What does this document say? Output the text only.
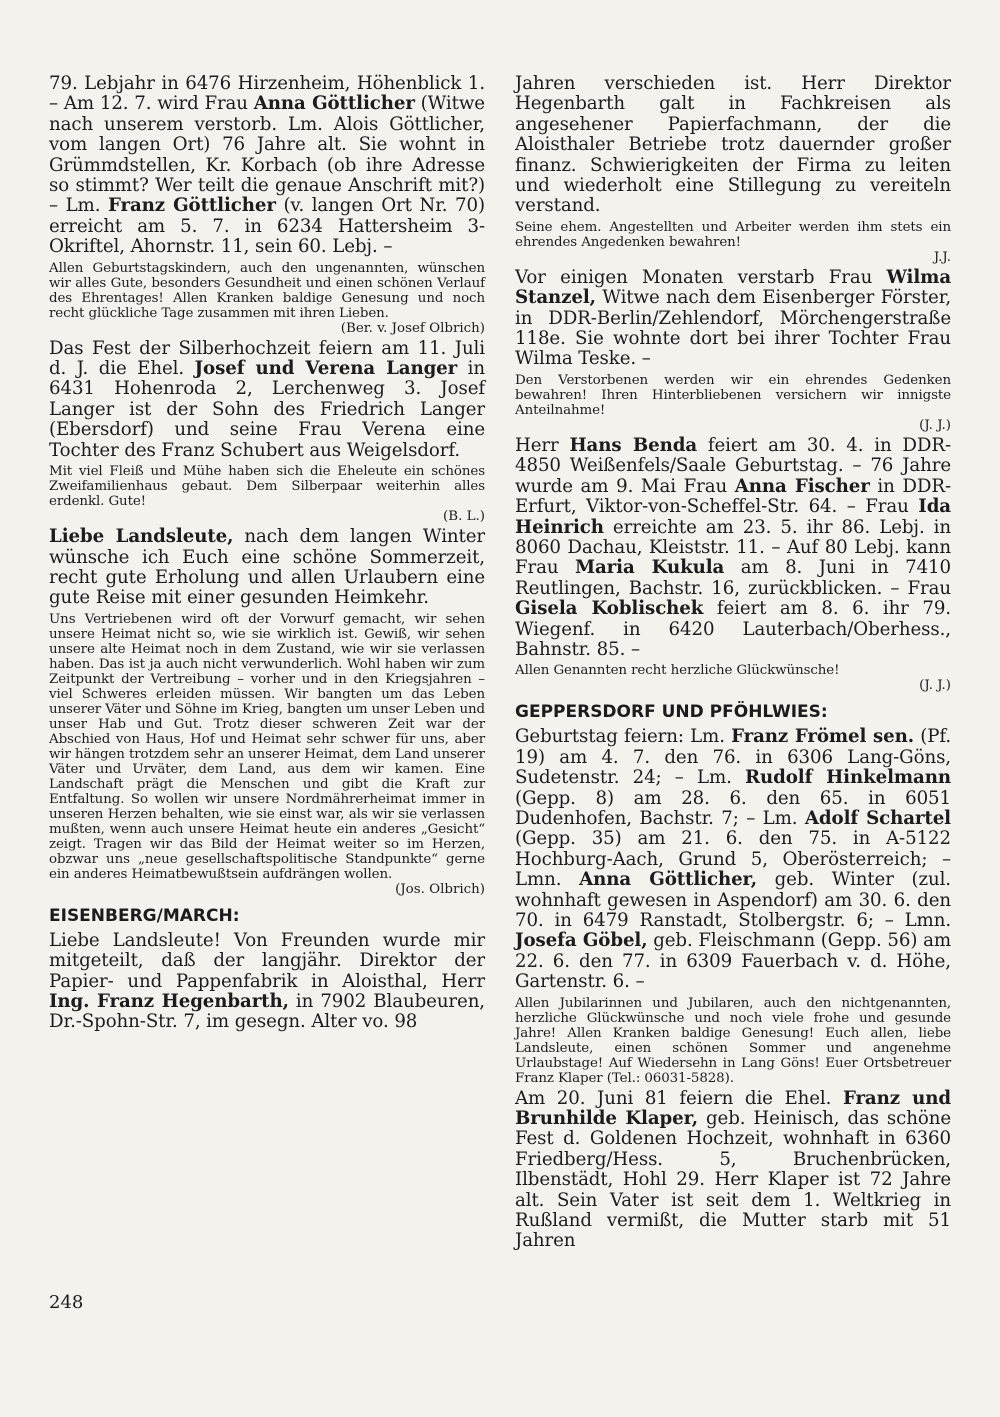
79. Lebjahr in 6476 Hirzenheim, Höhenblick 1. – Am 12. 7. wird Frau Anna Göttlicher (Witwe nach unserem verstorb. Lm. Alois Göttlicher, vom langen Ort) 76 Jahre alt. Sie wohnt in Grümmdstellen, Kr. Korbach (ob ihre Adresse so stimmt? Wer teilt die genaue Anschrift mit?) – Lm. Franz Göttlicher (v. langen Ort Nr. 70) erreicht am 5. 7. in 6234 Hattersheim 3-Okriftel, Ahornstr. 11, sein 60. Lebj. –

Allen Geburtstagskindern, auch den ungenannten, wünschen wir alles Gute, besonders Gesundheit und einen schönen Verlauf des Ehrentages! Allen Kranken baldige Genesung und noch recht glückliche Tage zusammen mit ihren Lieben.

(Ber. v. Josef Olbrich)

Das Fest der Silberhochzeit feiern am 11. Juli d. J. die Ehel. Josef und Verena Langer in 6431 Hohenroda 2, Lerchenweg 3. Josef Langer ist der Sohn des Friedrich Langer (Ebersdorf) und seine Frau Verena eine Tochter des Franz Schubert aus Weigelsdorf.

Mit viel Fleiß und Mühe haben sich die Eheleute ein schönes Zweifamilienhaus gebaut. Dem Silberpaar weiterhin alles erdenkl. Gute!

(B. L.)

Liebe Landsleute, nach dem langen Winter wünsche ich Euch eine schöne Sommerzeit, recht gute Erholung und allen Urlaubern eine gute Reise mit einer gesunden Heimkehr.

Uns Vertriebenen wird oft der Vorwurf gemacht, wir sehen unsere Heimat nicht so, wie sie wirklich ist. Gewiß, wir sehen unsere alte Heimat noch in dem Zustand, wie wir sie verlassen haben. Das ist ja auch nicht verwunderlich. Wohl haben wir zum Zeitpunkt der Vertreibung – vorher und in den Kriegsjahren – viel Schweres erleiden müssen. Wir bangten um das Leben unserer Väter und Söhne im Krieg, bangten um unser Leben und unser Hab und Gut. Trotz dieser schweren Zeit war der Abschied von Haus, Hof und Heimat sehr schwer für uns, aber wir hängen trotzdem sehr an unserer Heimat, dem Land unserer Väter und Urväter, dem Land, aus dem wir kamen. Eine Landschaft prägt die Menschen und gibt die Kraft zur Entfaltung. So wollen wir unsere Nordmährerheimat immer in unseren Herzen behalten, wie sie einst war, als wir sie verlassen mußten, wenn auch unsere Heimat heute ein anderes „Gesicht“ zeigt. Tragen wir das Bild der Heimat weiter so im Herzen, obzwar uns „neue gesellschaftspolitische Standpunkte“ gerne ein anderes Heimatbewußtsein aufdrängen wollen.

(Jos. Olbrich)

EISENBERG/MARCH:

Liebe Landsleute! Von Freunden wurde mir mitgeteilt, daß der langjähr. Direktor der Papier- und Pappenfabrik in Aloisthal, Herr Ing. Franz Hegenbarth, in 7902 Blaubeuren, Dr.-Spohn-Str. 7, im gesegn. Alter vo. 98

Jahren verschieden ist. Herr Direktor Hegenbarth galt in Fachkreisen als angesehener Papierfachmann, der die Aloisthaler Betriebe trotz dauernder großer finanz. Schwierigkeiten der Firma zu leiten und wiederholt eine Stillegung zu vereiteln verstand.

Seine ehem. Angestellten und Arbeiter werden ihm stets ein ehrendes Angedenken bewahren!

J.J.

Vor einigen Monaten verstarb Frau Wilma Stanzel, Witwe nach dem Eisenberger Förster, in DDR-Berlin/Zehlendorf, Mörchengerstraße 118e. Sie wohnte dort bei ihrer Tochter Frau Wilma Teske. –

Den Verstorbenen werden wir ein ehrendes Gedenken bewahren! Ihren Hinterbliebenen versichern wir innigste Anteilnahme!

(J. J.)

Herr Hans Benda feiert am 30. 4. in DDR-4850 Weißenfels/Saale Geburtstag. – 76 Jahre wurde am 9. Mai Frau Anna Fischer in DDR-Erfurt, Viktor-von-Scheffel-Str. 64. – Frau Ida Heinrich erreichte am 23. 5. ihr 86. Lebj. in 8060 Dachau, Kleiststr. 11. – Auf 80 Lebj. kann Frau Maria Kukula am 8. Juni in 7410 Reutlingen, Bachstr. 16, zurückblicken. – Frau Gisela Koblischek feiert am 8. 6. ihr 79. Wiegenf. in 6420 Lauterbach/Oberhess., Bahnstr. 85. –

Allen Genannten recht herzliche Glückwünsche!

(J. J.)

GEPPERSDORF UND PFÖHLWIES:

Geburtstag feiern: Lm. Franz Frömel sen. (Pf. 19) am 4. 7. den 76. in 6306 Lang-Göns, Sudetenstr. 24; – Lm. Rudolf Hinkelmann (Gepp. 8) am 28. 6. den 65. in 6051 Dudenhofen, Bachstr. 7; – Lm. Adolf Schartel (Gepp. 35) am 21. 6. den 75. in A-5122 Hochburg-Aach, Grund 5, Oberösterreich; – Lmn. Anna Göttlicher, geb. Winter (zul. wohnhaft gewesen in Aspendorf) am 30. 6. den 70. in 6479 Ranstadt, Stolbergstr. 6; – Lmn. Josefa Göbel, geb. Fleischmann (Gepp. 56) am 22. 6. den 77. in 6309 Fauerbach v. d. Höhe, Gartenstr. 6. –

Allen Jubilarinnen und Jubilaren, auch den nichtgenannten, herzliche Glückwünsche und noch viele frohe und gesunde Jahre! Allen Kranken baldige Genesung! Euch allen, liebe Landsleute, einen schönen Sommer und angenehme Urlaubstage! Auf Wiedersehn in Lang Göns! Euer Ortsbetreuer Franz Klaper (Tel.: 06031-5828).

Am 20. Juni 81 feiern die Ehel. Franz und Brunhilde Klaper, geb. Heinisch, das schöne Fest d. Goldenen Hochzeit, wohnhaft in 6360 Friedberg/Hess. 5, Bruchenbrücken, Ilbenstädt, Hohl 29. Herr Klaper ist 72 Jahre alt. Sein Vater ist seit dem 1. Weltkrieg in Rußland vermißt, die Mutter starb mit 51 Jahren

248
